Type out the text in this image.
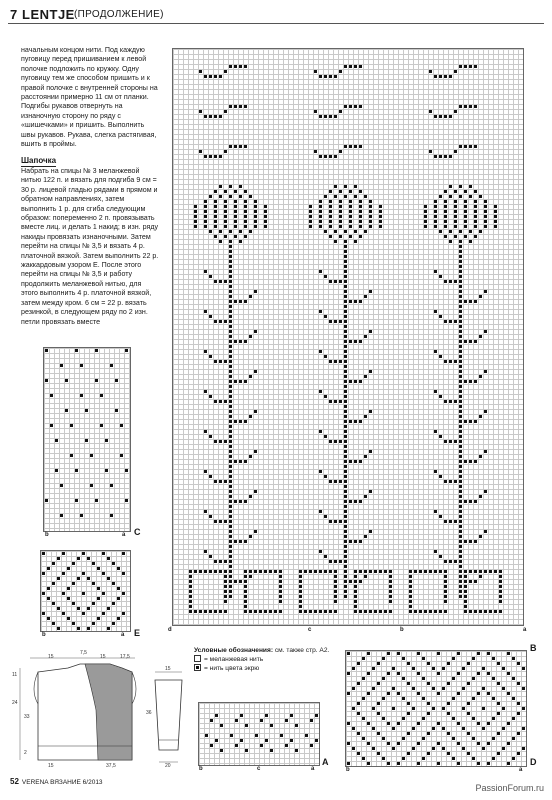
7 LENTJE (ПРОДОЛЖЕНИЕ)

начальным концом нити. Под каждую пуговицу перед пришиванием к левой полочке подложить по кружку. Одну пуговицу тем же способом пришить и к правой полочке с внутренней стороны на расстоянии примерно 11 см от планки. Подгибы рукавов отвернуть на изнаночную сторону по ряду с «шишечками» и пришить. Выполнить швы рукавов. Рукава, слегка растягивая, вшить в проймы.

Шапочка

Набрать на спицы № 3 меланжевой нитью 122 п. и вязать для подгиба 9 см = 30 р. лицевой гладью рядами в прямом и обратном направлениях, затем выполнить 1 р. для сгиба следующим образом: попеременно 2 п. провязывать вместе лиц. и делать 1 накид; в изн. ряду накиды провязать изнаночными. Затем перейти на спицы № 3,5 и вязать 4 р. платочной вязкой. Затем выполнить 22 р. жаккардовым узором E. После этого перейти на спицы № 3,5 и работу продолжить меланжевой нитью, для этого выполнить 4 р. платочной вязкой, затем между кром. 6 см = 22 р. вязать резинкой, в следующем ряду по 2 изн. петли провязать вместе

B
d	c	b	a
C
b	a
E
b	a
15
7,5
15	17,5
11
24
33
2
15	37,5
15
36
20
Условные обозначения: см. также стр. A2.
= меланжевая нить
= нить цвета экрю
A
b	c	a
D
b	a
52 VERENA ВЯЗАНИЕ 6/2013
PassionForum.ru
